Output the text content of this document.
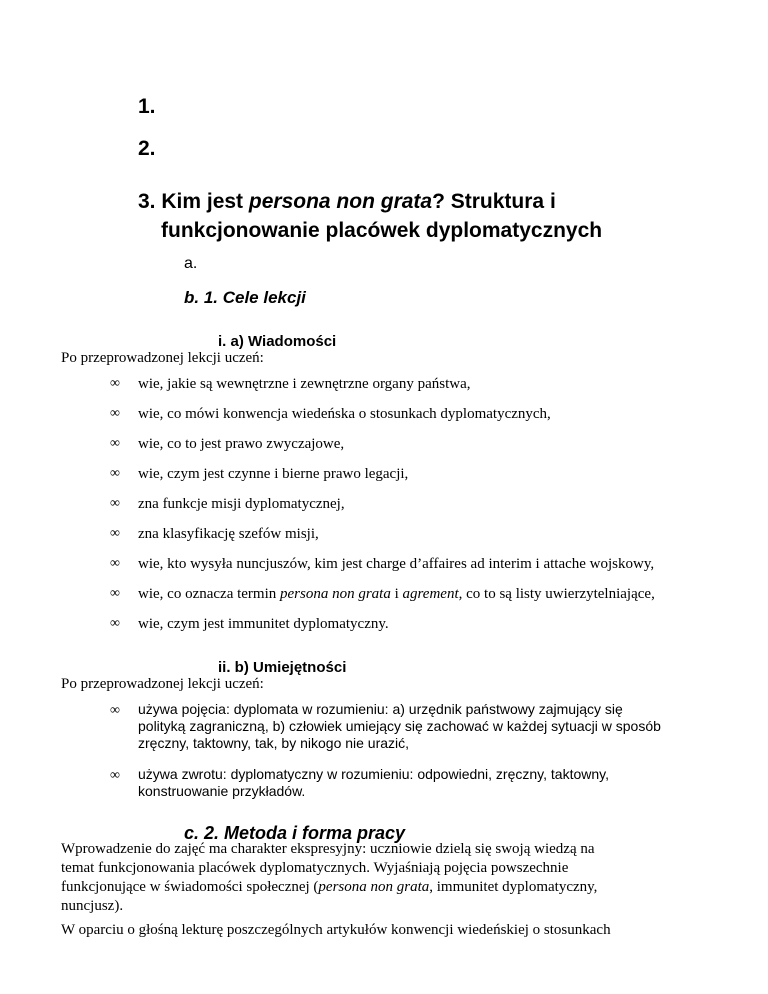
1.
2.
3. Kim jest persona non grata? Struktura i
funkcjonowanie placówek dyplomatycznych
a.
b. 1. Cele lekcji
i. a) Wiadomości
Po przeprowadzonej lekcji uczeń:
∞ wie, jakie są wewnętrzne i zewnętrzne organy państwa,
∞ wie, co mówi konwencja wiedeńska o stosunkach dyplomatycznych,
∞ wie, co to jest prawo zwyczajowe,
∞ wie, czym jest czynne i bierne prawo legacji,
∞ zna funkcje misji dyplomatycznej,
∞ zna klasyfikację szefów misji,
∞ wie, kto wysyła nuncjuszów, kim jest charge d’affaires ad interim i attache wojskowy,
∞ wie, co oznacza termin persona non grata i agrement, co to są listy uwierzytelniające,
∞ wie, czym jest immunitet dyplomatyczny.
ii. b) Umiejętności
Po przeprowadzonej lekcji uczeń:
∞ używa pojęcia: dyplomata w rozumieniu: a) urzędnik państwowy zajmujący się
polityką zagraniczną, b) człowiek umiejący się zachować w każdej sytuacji w sposób
zręczny, taktowny, tak, by nikogo nie urazić,
∞ używa zwrotu: dyplomatyczny w rozumieniu: odpowiedni, zręczny, taktowny,
konstruowanie przykładów.
c. 2. Metoda i forma pracy
Wprowadzenie do zajęć ma charakter ekspresyjny: uczniowie dzielą się swoją wiedzą na
temat funkcjonowania placówek dyplomatycznych. Wyjaśniają pojęcia powszechnie
funkcjonujące w świadomości społecznej (persona non grata, immunitet dyplomatyczny,
nuncjusz).
W oparciu o głośną lekturę poszczególnych artykułów konwencji wiedeńskiej o stosunkach
